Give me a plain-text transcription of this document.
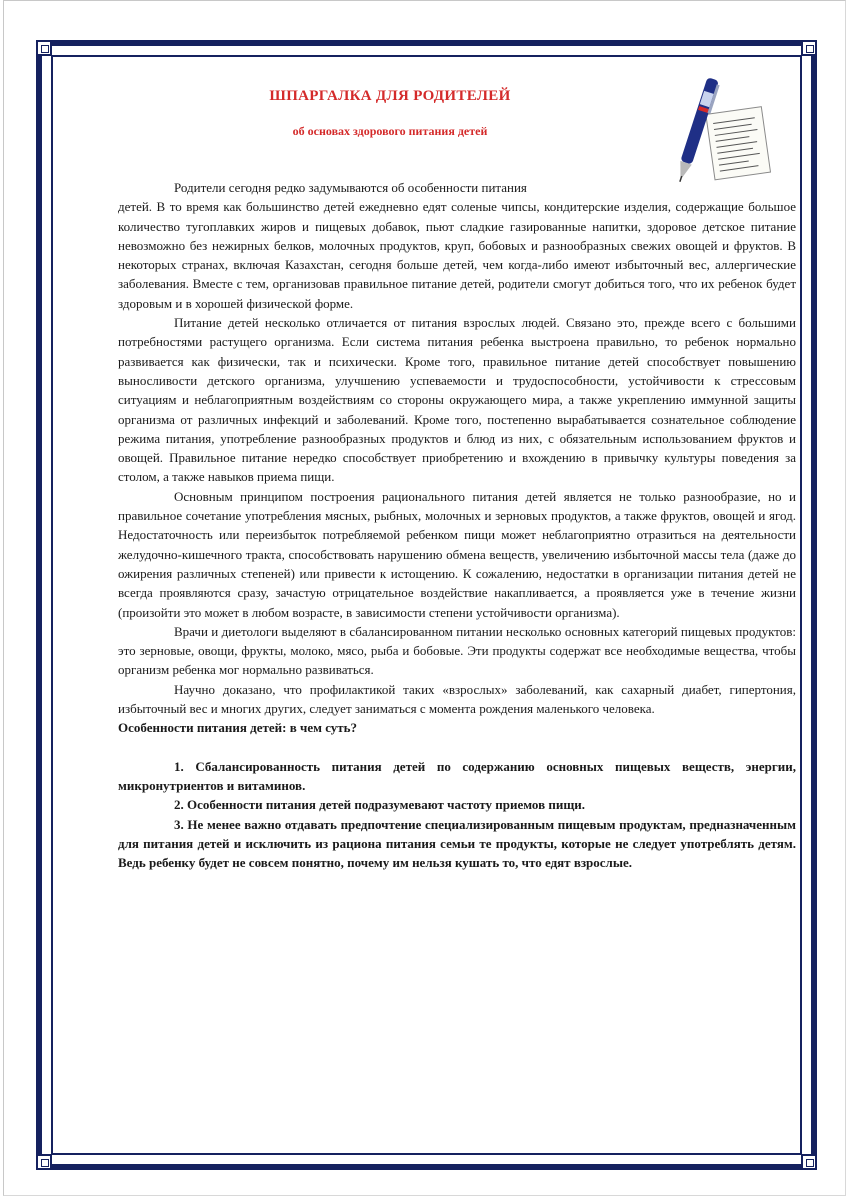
ШПАРГАЛКА ДЛЯ РОДИТЕЛЕЙ
об основах здорового питания детей

Родители сегодня редко задумываются об особенности питания

детей. В то время как большинство детей ежедневно едят соленые чипсы, кондитерские изделия, содержащие большое количество тугоплавких жиров и пищевых добавок, пьют сладкие газированные напитки, здоровое детское питание невозможно без нежирных белков, молочных продуктов, круп, бобовых и разнообразных свежих овощей и фруктов. В некоторых странах, включая Казахстан, сегодня больше детей, чем когда-либо имеют избыточный вес, аллергические заболевания. Вместе с тем, организовав правильное питание детей, родители смогут добиться того, что их ребенок будет здоровым и в хорошей физической форме.

Питание детей несколько отличается от питания взрослых людей. Связано это, прежде всего с большими потребностями растущего организма. Если система питания ребенка выстроена правильно, то ребенок нормально развивается как физически, так и психически. Кроме того, правильное питание детей способствует повышению выносливости детского организма, улучшению успеваемости и трудоспособности, устойчивости к стрессовым ситуациям и неблагоприятным воздействиям со стороны окружающего мира, а также укреплению иммунной защиты организма от различных инфекций и заболеваний. Кроме того, постепенно вырабатывается сознательное соблюдение режима питания, употребление разнообразных продуктов и блюд из них, с обязательным использованием фруктов и овощей. Правильное питание нередко способствует приобретению и вхождению в привычку культуры поведения за столом, а также навыков приема пищи.

Основным принципом построения рационального питания детей является не только разнообразие, но и правильное сочетание употребления мясных, рыбных, молочных и зерновых продуктов, а также фруктов, овощей и ягод. Недостаточность или переизбыток потребляемой ребенком пищи может неблагоприятно отразиться на деятельности желудочно-кишечного тракта, способствовать нарушению обмена веществ, увеличению избыточной массы тела (даже до ожирения различных степеней) или привести к истощению. К сожалению, недостатки в организации питания детей не всегда проявляются сразу, зачастую отрицательное воздействие накапливается, а проявляется уже в течение жизни (произойти это может в любом возрасте, в зависимости степени устойчивости организма).

Врачи и диетологи выделяют в сбалансированном питании несколько основных категорий пищевых продуктов: это зерновые, овощи, фрукты, молоко, мясо, рыба и бобовые. Эти продукты содержат все необходимые вещества, чтобы организм ребенка мог нормально развиваться.

Научно доказано, что профилактикой таких «взрослых» заболеваний, как сахарный диабет, гипертония, избыточный вес и многих других, следует заниматься с момента рождения маленького человека.

Особенности питания детей: в чем суть?

1. Сбалансированность питания детей по содержанию основных пищевых веществ, энергии, микронутриентов и витаминов.

2. Особенности питания детей подразумевают частоту приемов пищи.

3. Не менее важно отдавать предпочтение специализированным пищевым продуктам, предназначенным для питания детей и исключить из рациона питания семьи те продукты, которые не следует употреблять детям. Ведь ребенку будет не совсем понятно, почему им нельзя кушать то, что едят взрослые.
